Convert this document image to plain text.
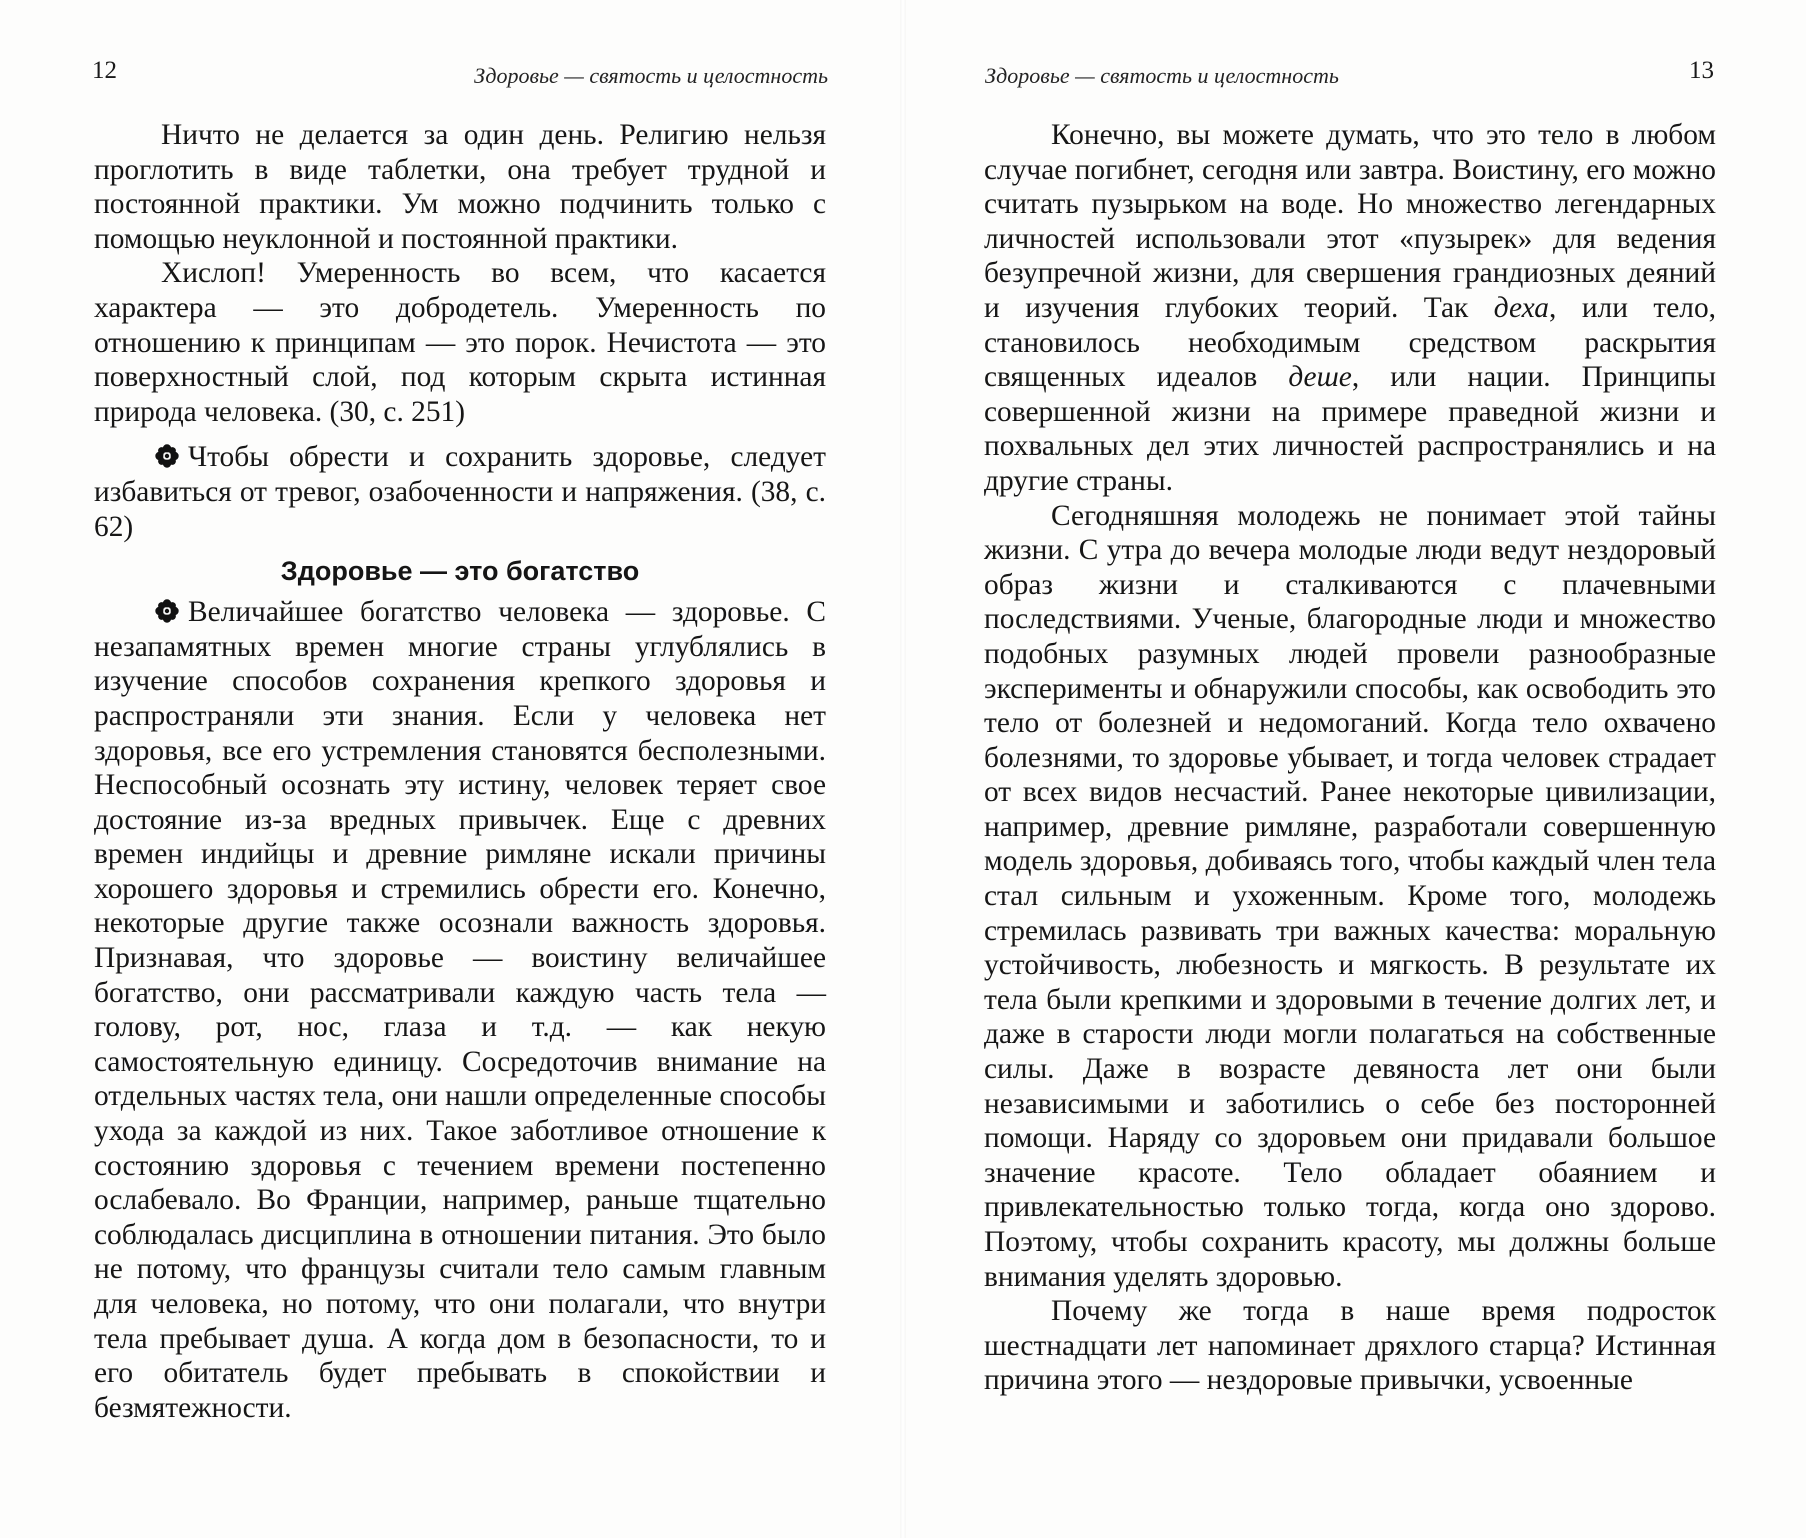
12	Здоровье — святость и целостность

Ничто не делается за один день. Религию нельзя проглотить в виде таблетки, она требует трудной и постоянной практики. Ум можно подчинить только с помощью неуклонной и постоянной практики.

Хислоп! Умеренность во всем, что касается характера — это добродетель. Умеренность по отношению к принципам — это порок. Нечистота — это поверхностный слой, под которым скрыта истинная природа человека. (30, с. 251)

Чтобы обрести и сохранить здоровье, следует избавиться от тревог, озабоченности и напряжения. (38, с. 62)

Здоровье — это богатство

Величайшее богатство человека — здоровье. С незапамятных времен многие страны углублялись в изучение способов сохранения крепкого здоровья и распространяли эти знания. Если у человека нет здоровья, все его устремления становятся бесполезными. Неспособный осознать эту истину, человек теряет свое достояние из-за вредных привычек. Еще с древних времен индийцы и древние римляне искали причины хорошего здоровья и стремились обрести его. Конечно, некоторые другие также осознали важность здоровья. Признавая, что здоровье — воистину величайшее богатство, они рассматривали каждую часть тела — голову, рот, нос, глаза и т.д. — как некую самостоятельную единицу. Сосредоточив внимание на отдельных частях тела, они нашли определенные способы ухода за каждой из них. Такое заботливое отношение к состоянию здоровья с течением времени постепенно ослабевало. Во Франции, например, раньше тщательно соблюдалась дисциплина в отношении питания. Это было не потому, что французы считали тело самым главным для человека, но потому, что они полагали, что внутри тела пребывает душа. А когда дом в безопасности, то и его обитатель будет пребывать в спокойствии и безмятежности.

13
Здоровье — святость и целостность

Конечно, вы можете думать, что это тело в любом случае погибнет, сегодня или завтра. Воистину, его можно считать пузырьком на воде. Но множество легендарных личностей использовали этот «пузырек» для ведения безупречной жизни, для свершения грандиозных деяний и изучения глубоких теорий. Так деха, или тело, становилось необходимым средством раскрытия священных идеалов деше, или нации. Принципы совершенной жизни на примере праведной жизни и похвальных дел этих личностей распространялись и на другие страны.

Сегодняшняя молодежь не понимает этой тайны жизни. С утра до вечера молодые люди ведут нездоровый образ жизни и сталкиваются с плачевными последствиями. Ученые, благородные люди и множество подобных разумных людей провели разнообразные эксперименты и обнаружили способы, как освободить это тело от болезней и недомоганий. Когда тело охвачено болезнями, то здоровье убывает, и тогда человек страдает от всех видов несчастий. Ранее некоторые цивилизации, например, древние римляне, разработали совершенную модель здоровья, добиваясь того, чтобы каждый член тела стал сильным и ухоженным. Кроме того, молодежь стремилась развивать три важных качества: моральную устойчивость, любезность и мягкость. В результате их тела были крепкими и здоровыми в течение долгих лет, и даже в старости люди могли полагаться на собственные силы. Даже в возрасте девяноста лет они были независимыми и заботились о себе без посторонней помощи. Наряду со здоровьем они придавали большое значение красоте. Тело обладает обаянием и привлекательностью только тогда, когда оно здорово. Поэтому, чтобы сохранить красоту, мы должны больше внимания уделять здоровью.

Почему же тогда в наше время подросток шестнадцати лет напоминает дряхлого старца? Истинная причина этого — нездоровые привычки, усвоенные
